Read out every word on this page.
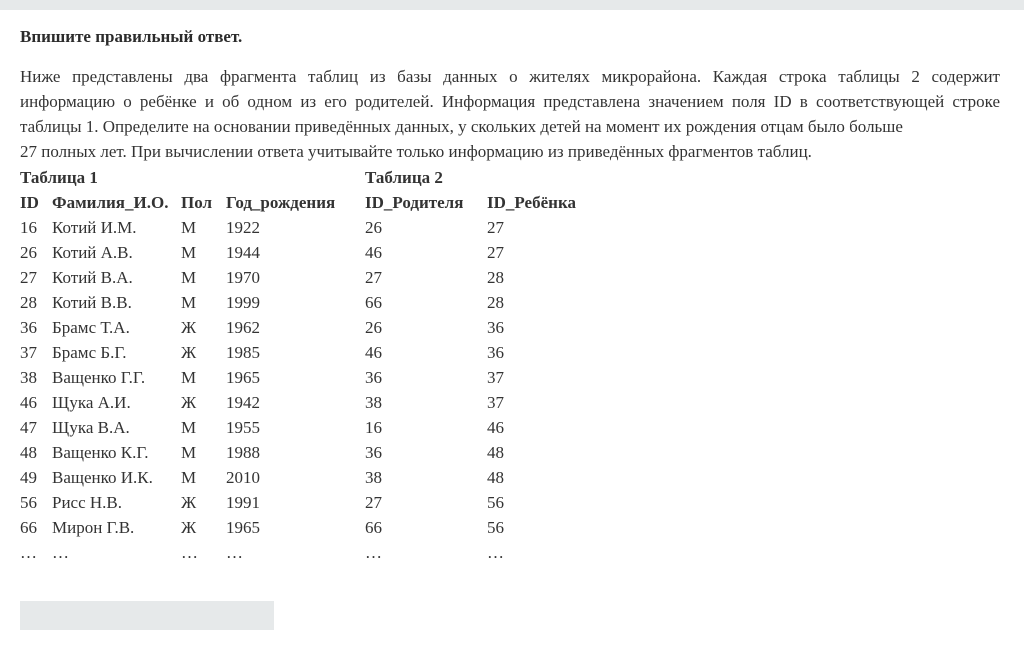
Впишите правильный ответ.
Ниже представлены два фрагмента таблиц из базы данных о жителях микрорайона. Каждая строка таблицы 2 содержит
информацию о ребёнке и об одном из его родителей. Информация представлена значением поля ID в соответствующей строке
таблицы 1. Определите на основании приведённых данных, у скольких детей на момент их рождения отцам было больше
27 полных лет. При вычислении ответа учитывайте только информацию из приведённых фрагментов таблиц.
Таблица 1	Таблица 2
ID Фамилия_И.О. Пол Год_рождения ID_Родителя ID_Ребёнка
16 Котий И.М.	М 1922	26	27
26 Котий А.В.	М 1944	46	27
27 Котий В.А.	М 1970	27	28
28 Котий В.В.	М 1999	66	28
36 Брамс Т.А.	Ж 1962	26	36
37 Брамс Б.Г.	Ж 1985	46	36
38 Ващенко Г.Г. М 1965	36	37
46 Щука А.И.	Ж 1942	38	37
47 Щука В.А.	М 1955	16	46
48 Ващенко К.Г. М 1988	36	48
49 Ващенко И.К. М 2010	38	48
56 Рисс Н.В.	Ж 1991	27	56
66 Мирон Г.В.	Ж 1965	66	56
… …	… …	…	…
